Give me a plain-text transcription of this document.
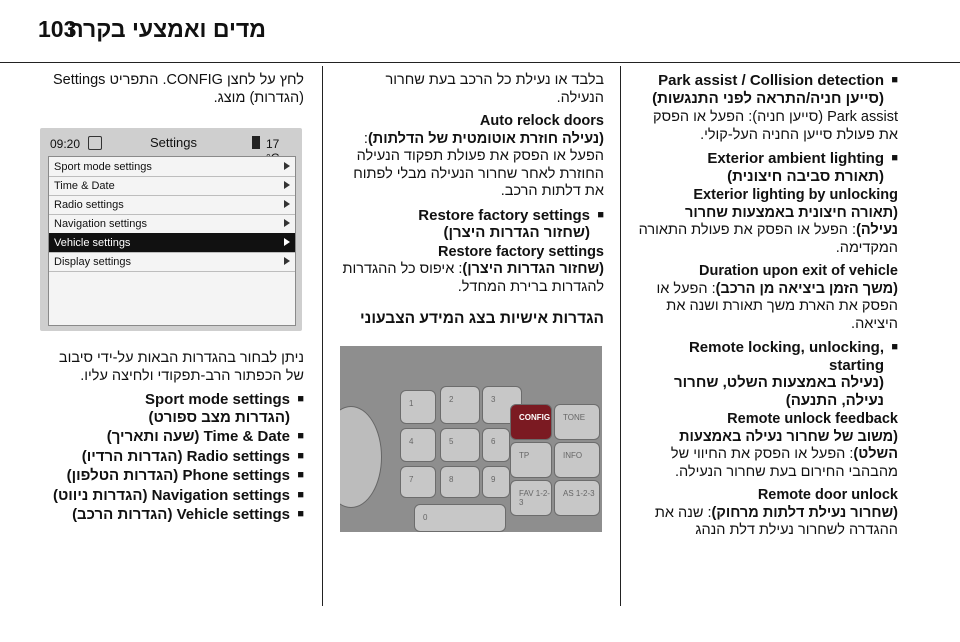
103
מדים ואמצעי בקרה
■
Park assist / Collision detection
(סייען חניה/התראה לפני התנגשות)

Park assist (סייען חניה): הפעל או הפסק את פעולת סייען החניה העל-קולי.

■
Exterior ambient lighting
(תאורת סביבה חיצונית)

Exterior lighting by unlocking
(תאורה חיצונית באמצעות שחרור נעילה): הפעל או הפסק את פעולת התאורה המקדימה.

Duration upon exit of vehicle
(משך הזמן ביציאה מן הרכב): הפעל או הפסק את הארת משך תאורת ושנה את היציאה.

■
Remote locking, unlocking, starting
(נעילה באמצעות השלט, שחרור נעילה, התנעה)

Remote unlock feedback
(משוב של שחרור נעילה באמצעות השלט): הפעל או הפסק את החיווי של מהבהבי החירום בעת שחרור הנעילה.

Remote door unlock
(שחרור נעילת דלתות מרחוק): שנה את ההגדרה לשחרור נעילת דלת הנהג

בלבד או נעילת כל הרכב בעת שחרור הנעילה.

Auto relock doors
(נעילה חוזרת אוטומטית של הדלתות): הפעל או הפסק את פעולת תפקוד הנעילה החוזרת לאחר שחרור הנעילה מבלי לפתוח את דלתות הרכב.

■
Restore factory settings
(שחזור הגדרות היצרן)

Restore factory settings
(שחזור הגדרות היצרן): איפוס כל ההגדרות להגדרות ברירת המחדל.

הגדרות אישיות בצג המידע הצבעוני
1	2	3
CONFIG TONE
4	5	6
TP	INFO
7	8	9
FAV 1-2-3
AS 1-2-3
0

לחץ על לחצן CONFIG. התפריט Settings (הגדרות) מוצג.

09:20	Settings	17
Sport mode settings
Time & Date
Radio settings
Navigation settings
Vehicle settings
Display settings

ניתן לבחור בהגדרות הבאות על-ידי סיבוב של הכפתור הרב-תפקודי ולחיצה עליו.

■
Sport mode settings
(הגדרות מצב ספורט)
■
Time & Date (שעה ותאריך)
■
Radio settings (הגדרות הרדיו)
■
Phone settings (הגדרות הטלפון)
■
Navigation settings (הגדרות ניווט)
■
Vehicle settings (הגדרות הרכב)
